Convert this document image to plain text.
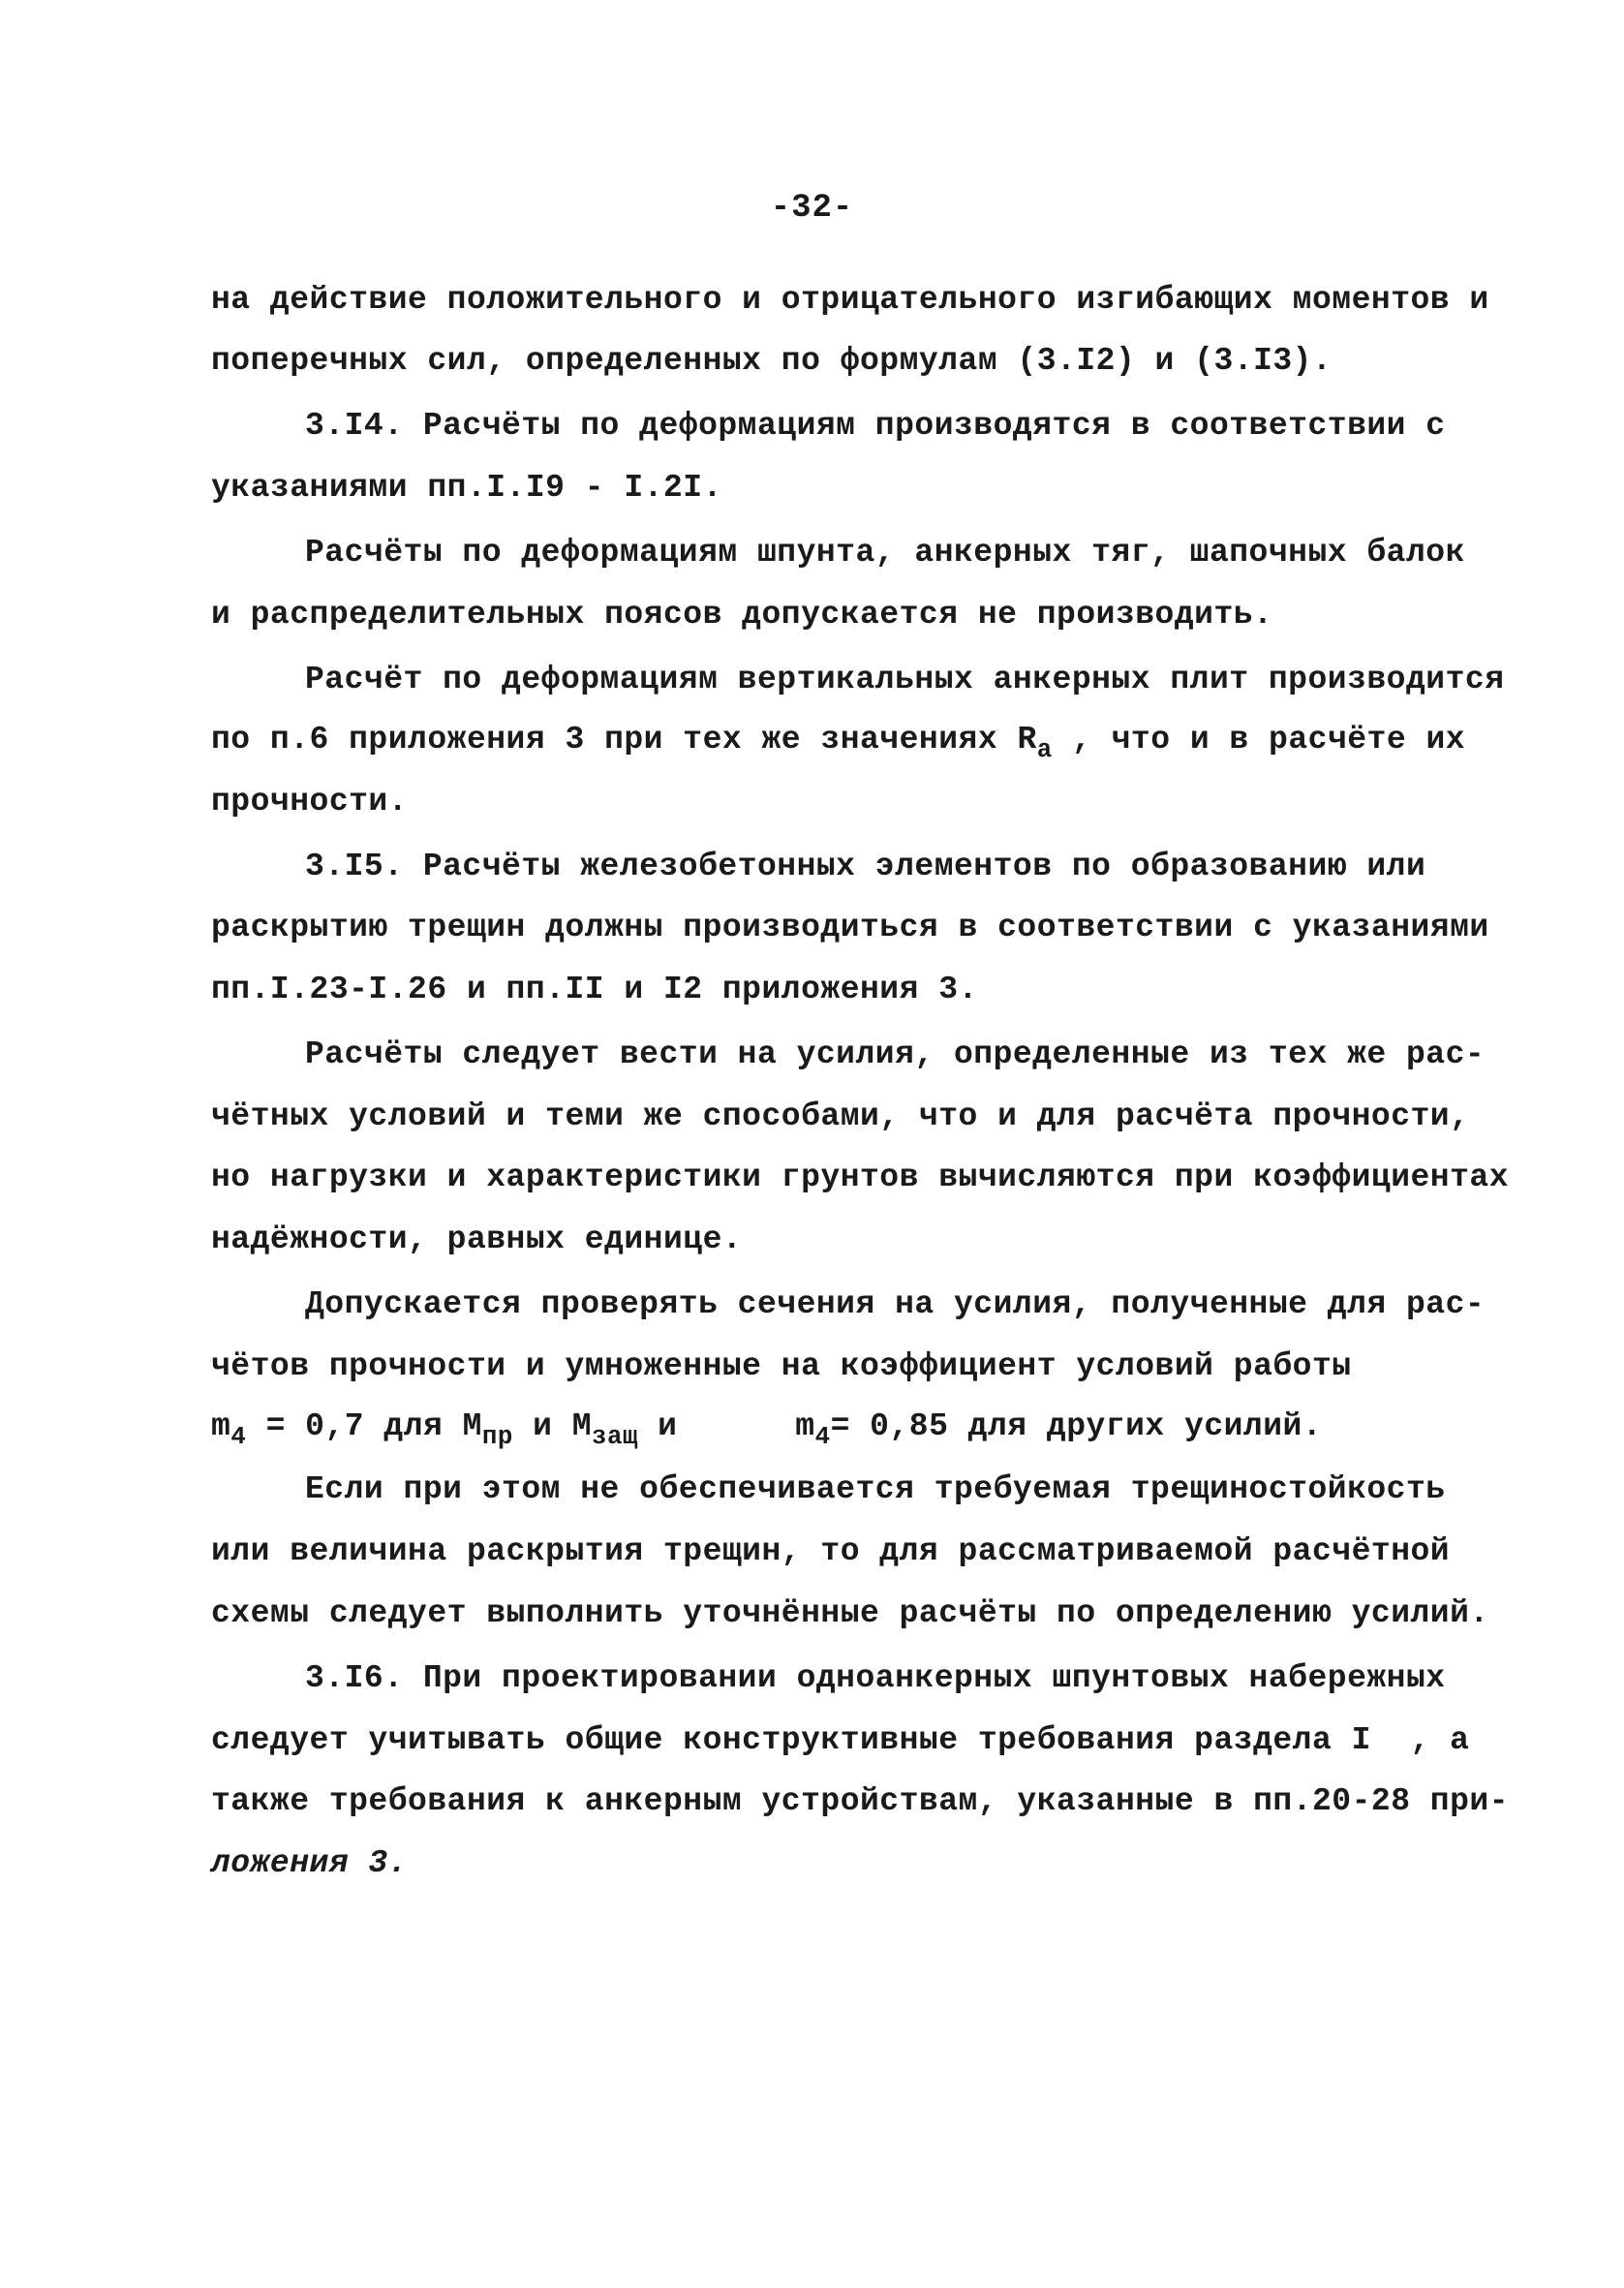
-32-
на действие положительного и отрицательного изгибающих моментов и
поперечных сил, определенных по формулам (3.I2) и (3.I3).
3.I4. Расчёты по деформациям производятся в соответствии с
указаниями пп.I.I9 - I.2I.
Расчёты по деформациям шпунта, анкерных тяг, шапочных балок
и распределительных поясов допускается не производить.
Расчёт по деформациям вертикальных анкерных плит производится
по п.6 приложения 3 при тех же значениях $R_a$ , что и в расчёте их
прочности.
3.I5. Расчёты железобетонных элементов по образованию или
раскрытию трещин должны производиться в соответствии с указаниями
пп.I.23-I.26 и пп.II и I2 приложения 3.
Расчёты следует вести на усилия, определенные из тех же рас-
чётных условий и теми же способами, что и для расчёта прочности,
но нагрузки и характеристики грунтов вычисляются при коэффициентах
надёжности, равных единице.
Допускается проверять сечения на усилия, полученные для рас-
чётов прочности и умноженные на коэффициент условий работы
$m_4 = 0,7$ для $M_{пр}$ и $M_{защ}$ и      $m_4= 0,85$ для других усилий.
Если при этом не обеспечивается требуемая трещиностойкость
или величина раскрытия трещин, то для рассматриваемой расчётной
схемы следует выполнить уточнённые расчёты по определению усилий.
3.I6. При проектировании одноанкерных шпунтовых набережных
следует учитывать общие конструктивные требования раздела I  , а
также требования к анкерным устройствам, указанные в пп.20-28 при-
ложения 3.
